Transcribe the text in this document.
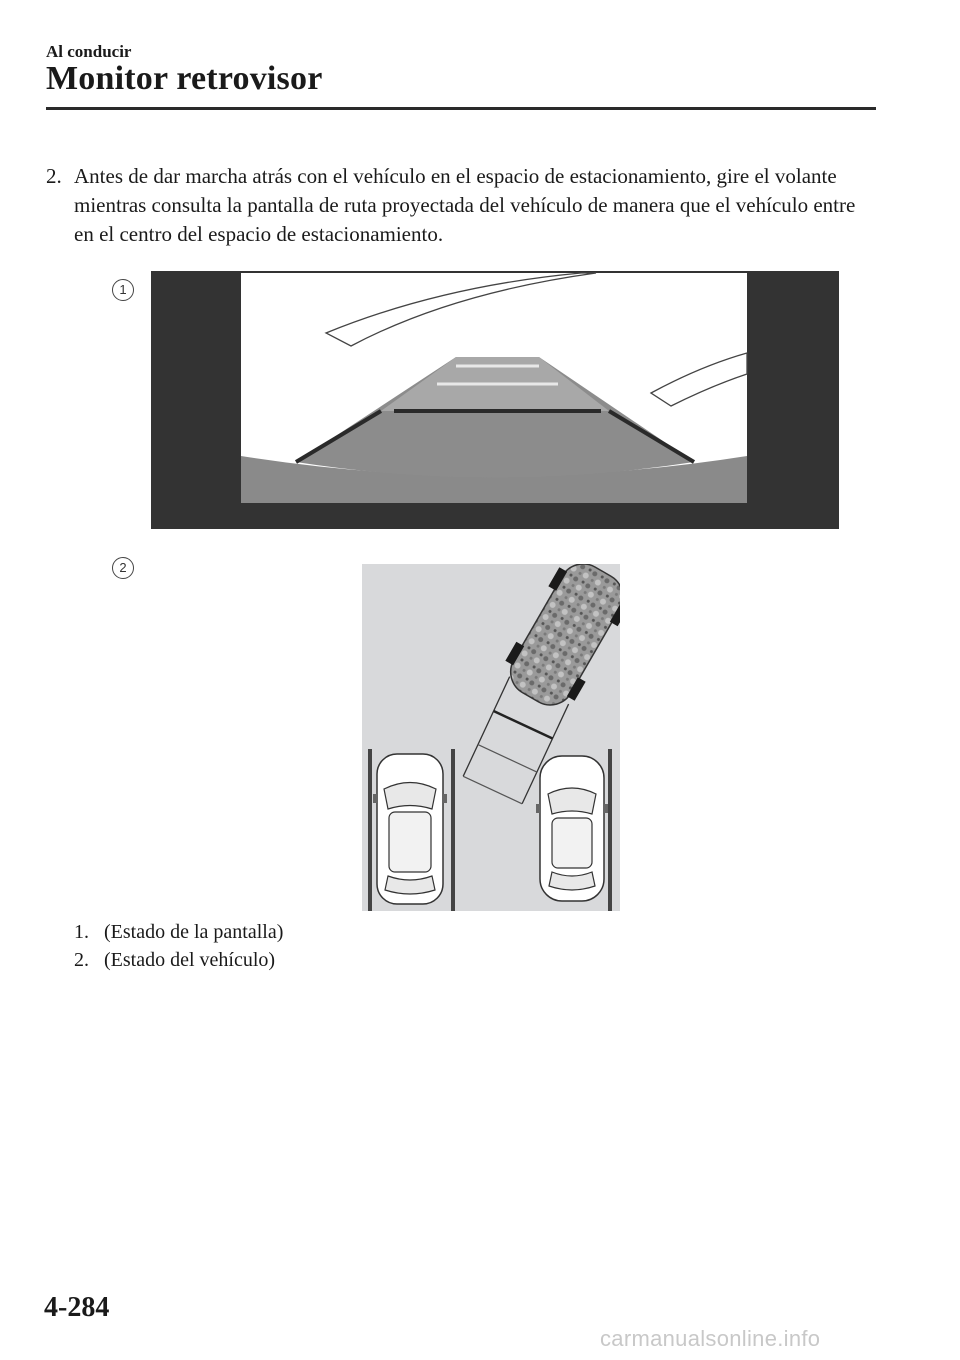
Al conducir
Monitor retrovisor
2. Antes de dar marcha atrás con el vehículo en el espacio de estacionamiento, gire el volante mientras consulta la pantalla de ruta proyectada del vehículo de manera que el vehículo entre en el centro del espacio de estacionamiento.
1
2
1. (Estado de la pantalla)
2. (Estado del vehículo)
4-284
carmanualsonline.info
